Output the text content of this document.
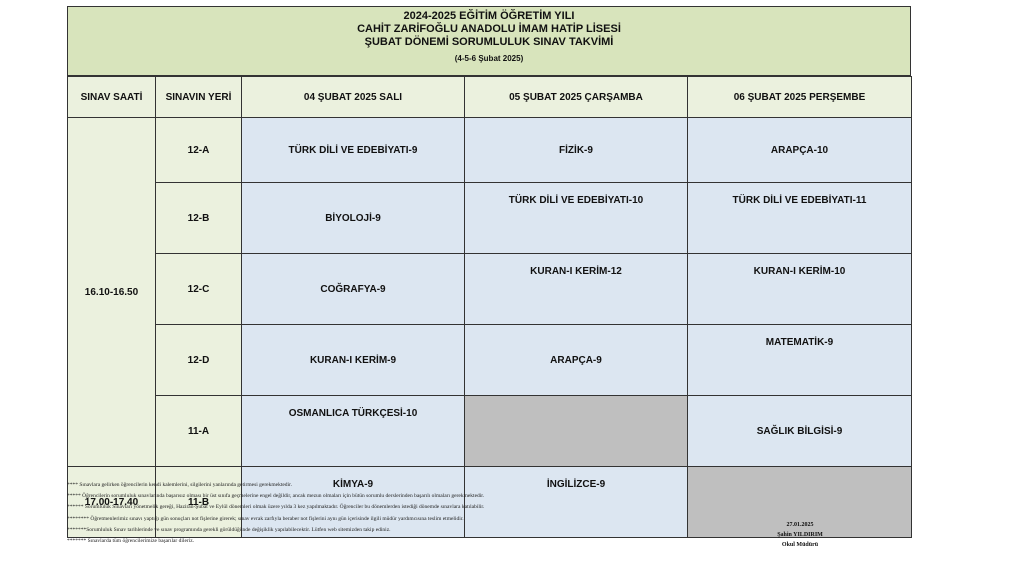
2024-2025 EĞİTİM ÖĞRETİM YILI
CAHİT ZARİFOĞLU ANADOLU İMAM HATİP LİSESİ
ŞUBAT DÖNEMİ SORUMLULUK SINAV TAKVİMİ
(4-5-6 Şubat 2025)
SINAV SAATİ	SINAVIN YERİ	04 ŞUBAT 2025 SALI	05 ŞUBAT 2025 ÇARŞAMBA	06 ŞUBAT 2025 PERŞEMBE
16.10-16.50	12-A	TÜRK DİLİ VE EDEBİYATI-9	FİZİK-9	ARAPÇA-10
	12-B	BİYOLOJİ-9	TÜRK DİLİ VE EDEBİYATI-10	TÜRK DİLİ VE EDEBİYATI-11
	12-C	COĞRAFYA-9	KURAN-I KERİM-12	KURAN-I KERİM-10
	12-D	KURAN-I KERİM-9	ARAPÇA-9	MATEMATİK-9
	11-A	OSMANLICA TÜRKÇESİ-10		SAĞLIK BİLGİSİ-9
17.00-17.40	11-B	KİMYA-9	İNGİLİZCE-9	
**** Sınavlara gelirken öğrencilerin kendi kalemlerini, silgilerini yanlarında getirmesi gerekmektedir.
***** Öğrencilerin sorumluluk sınavlarında başarısız olması bir üst sınıfa geçmelerine engel değildir, ancak mezun olmaları için bütün sorumlu derslerinden başarılı olmaları gerekmektedir.
****** Sorumluluk Sınavları yönetmelik gereği, Haziran-Şubat ve Eylül dönemleri olmak üzere yılda 3 kez yapılmaktadır. Öğrenciler bu dönemlerden istediği dönemde sınavlara katılabilir.
******** Öğretmenlerimiz sınavı yaptığı gün sonuçları not fişlerine girerek; sınav evrak zarfıyla beraber not fişlerini aynı gün içerisinde ilgili müdür yardımcısına teslim etmelidir.
*******Sorumluluk Sınav tarihlerinde ve sınav programında gerekli görüldüğünde değişiklik yapılabilecektir. Lütfen web sitemizden takip ediniz.
******* Sınavlarda tüm öğrencilerimize başarılar dileriz.
27.01.2025
Şahin YILDIRIM
Okul Müdürü
